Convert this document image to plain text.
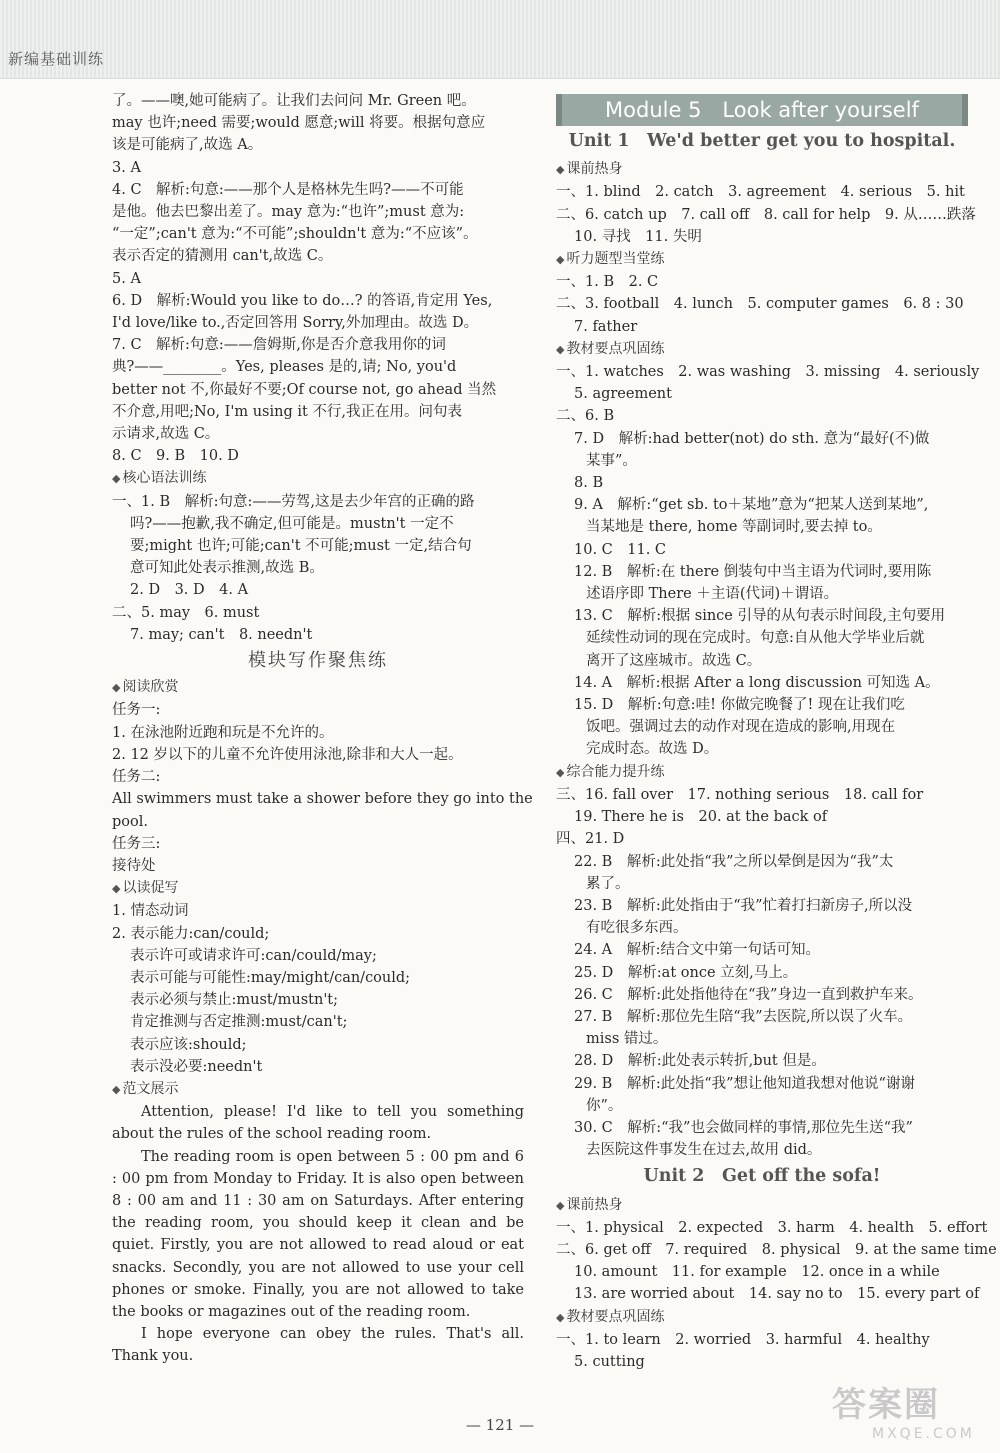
新编基础训练
了。——噢,她可能病了。让我们去问问 Mr. Green 吧。
may 也许;need 需要;would 愿意;will 将要。根据句意应
该是可能病了,故选 A。
3. A
4. C　解析:句意:——那个人是格林先生吗?——不可能
是他。他去巴黎出差了。may 意为:“也许”;must 意为:
“一定”;can't 意为:“不可能”;shouldn't 意为:“不应该”。
表示否定的猜测用 can't,故选 C。
5. A
6. D　解析:Would you like to do…? 的答语,肯定用 Yes,
I'd love/like to.,否定回答用 Sorry,外加理由。故选 D。
7. C　解析:句意:——詹姆斯,你是否介意我用你的词
典?——________。Yes, pleases 是的,请; No, you'd
better not 不,你最好不要;Of course not, go ahead 当然
不介意,用吧;No, I'm using it 不行,我正在用。问句表
示请求,故选 C。
8. C　9. B　10. D
◆ 核心语法训练
一、1. B　解析:句意:——劳驾,这是去少年宫的正确的路
吗?——抱歉,我不确定,但可能是。mustn't 一定不
要;might 也许;可能;can't 不可能;must 一定,结合句
意可知此处表示推测,故选 B。
2. D　3. D　4. A
二、5. may　6. must
7. may; can't　8. needn't
模块写作聚焦练
◆ 阅读欣赏
任务一:
1. 在泳池附近跑和玩是不允许的。
2. 12 岁以下的儿童不允许使用泳池,除非和大人一起。
任务二:
All swimmers must take a shower before they go into the
pool.
任务三:
接待处
◆ 以读促写
1. 情态动词
2. 表示能力:can/could;
表示许可或请求许可:can/could/may;
表示可能与可能性:may/might/can/could;
表示必须与禁止:must/mustn't;
肯定推测与否定推测:must/can't;
表示应该:should;
表示没必要:needn't
◆ 范文展示
Attention, please! I'd like to tell you something about the rules of the school reading room.
The reading room is open between 5 : 00 pm and 6 : 00 pm from Monday to Friday. It is also open between 8 : 00 am and 11 : 30 am on Saturdays. After entering the reading room, you should keep it clean and be quiet. Firstly, you are not allowed to read aloud or eat snacks. Secondly, you are not allowed to use your cell phones or smoke. Finally, you are not allowed to take the books or magazines out of the reading room.
I hope everyone can obey the rules. That's all. Thank you.
Module 5　Look after yourself
Unit 1　We'd better get you to hospital.
◆ 课前热身
一、1. blind　2. catch　3. agreement　4. serious　5. hit
二、6. catch up　7. call off　8. call for help　9. 从……跌落
10. 寻找　11. 失明
◆ 听力题型当堂练
一、1. B　2. C
二、3. football　4. lunch　5. computer games　6. 8 : 30
7. father
◆ 教材要点巩固练
一、1. watches　2. was washing　3. missing　4. seriously
5. agreement
二、6. B
7. D　解析:had better(not) do sth. 意为“最好(不)做
某事”。
8. B
9. A　解析:“get sb. to＋某地”意为“把某人送到某地”,
当某地是 there, home 等副词时,要去掉 to。
10. C　11. C
12. B　解析:在 there 倒装句中当主语为代词时,要用陈
述语序即 There ＋主语(代词)＋谓语。
13. C　解析:根据 since 引导的从句表示时间段,主句要用
延续性动词的现在完成时。句意:自从他大学毕业后就
离开了这座城市。故选 C。
14. A　解析:根据 After a long discussion 可知选 A。
15. D　解析:句意:哇! 你做完晚餐了! 现在让我们吃
饭吧。强调过去的动作对现在造成的影响,用现在
完成时态。故选 D。
◆ 综合能力提升练
三、16. fall over　17. nothing serious　18. call for
19. There he is　20. at the back of
四、21. D
22. B　解析:此处指“我”之所以晕倒是因为“我”太
累了。
23. B　解析:此处指由于“我”忙着打扫新房子,所以没
有吃很多东西。
24. A　解析:结合文中第一句话可知。
25. D　解析:at once 立刻,马上。
26. C　解析:此处指他待在“我”身边一直到救护车来。
27. B　解析:那位先生陪“我”去医院,所以误了火车。
miss 错过。
28. D　解析:此处表示转折,but 但是。
29. B　解析:此处指“我”想让他知道我想对他说“谢谢
你”。
30. C　解析:“我”也会做同样的事情,那位先生送“我”
去医院这件事发生在过去,故用 did。
Unit 2　Get off the sofa!
◆ 课前热身
一、1. physical　2. expected　3. harm　4. health　5. effort
二、6. get off　7. required　8. physical　9. at the same time
10. amount　11. for example　12. once in a while
13. are worried about　14. say no to　15. every part of
◆ 教材要点巩固练
一、1. to learn　2. worried　3. harmful　4. healthy
5. cutting
— 121 —	答案圈
MXQE.COM
